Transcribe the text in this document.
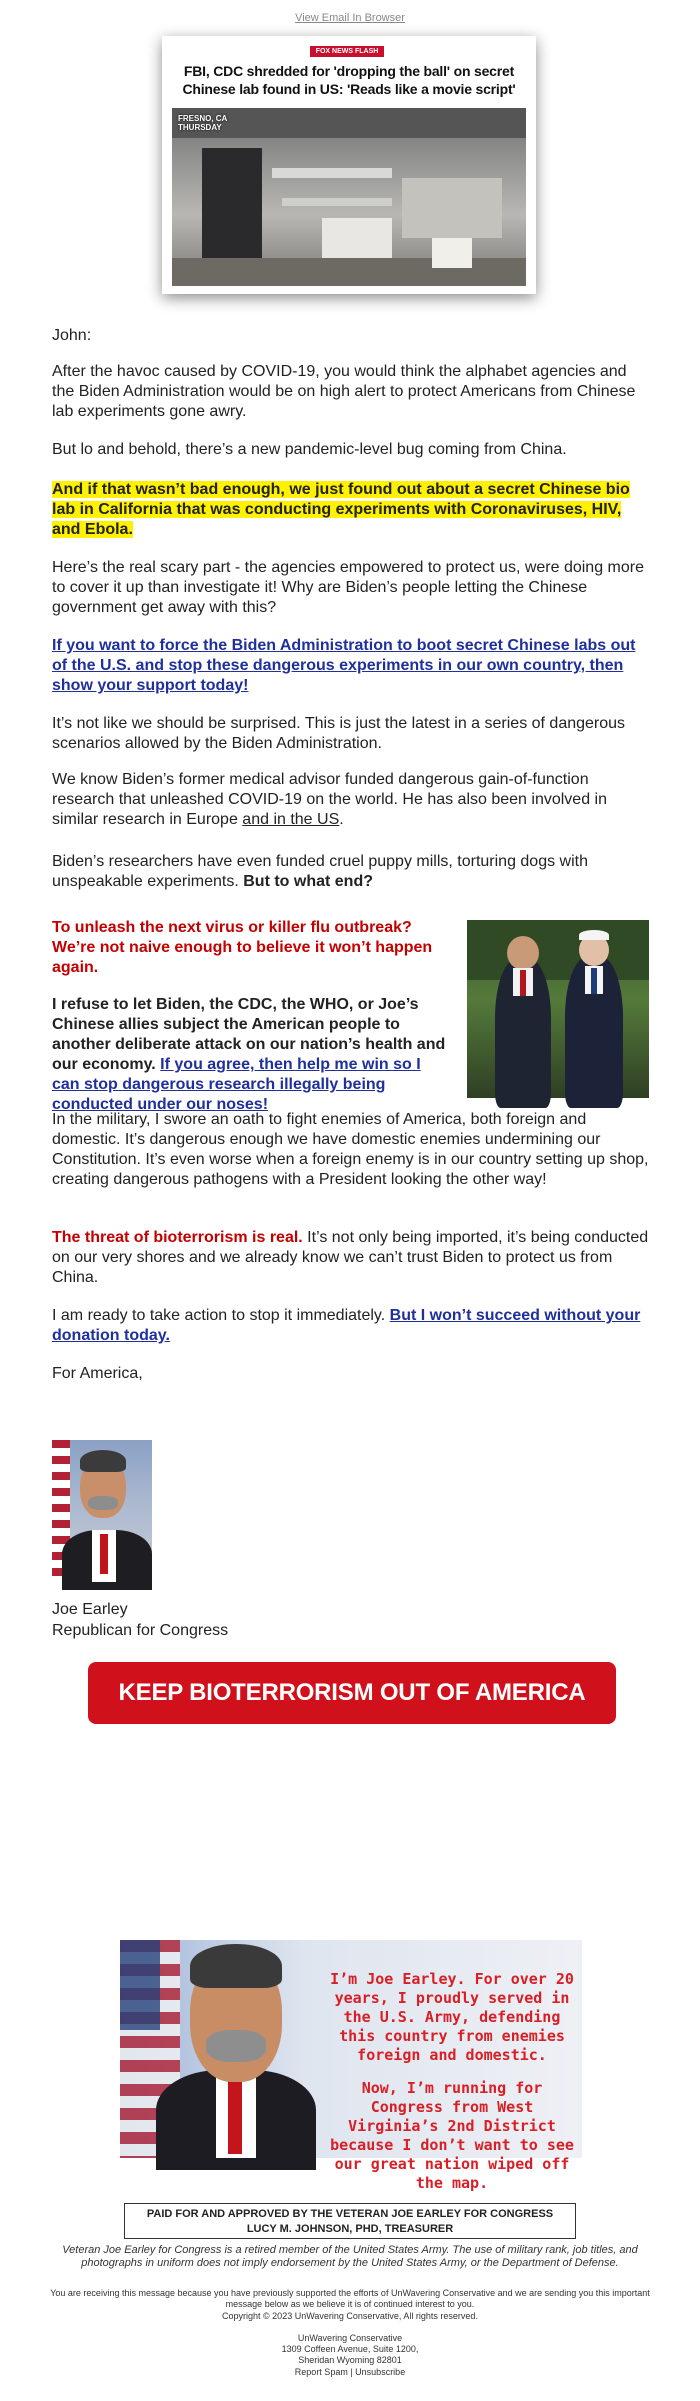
View Email In Browser
FOX NEWS FLASH
FBI, CDC shredded for 'dropping the ball' on secret
Chinese lab found in US: 'Reads like a movie script'
FRESNO, CA
THURSDAY

John:

After the havoc caused by COVID-19, you would think the alphabet agencies and the Biden Administration would be on high alert to protect Americans from Chinese lab experiments gone awry.

But lo and behold, there’s a new pandemic-level bug coming from China.

And if that wasn’t bad enough, we just found out about a secret Chinese bio lab in California that was conducting experiments with Coronaviruses, HIV, and Ebola.

Here’s the real scary part - the agencies empowered to protect us, were doing more to cover it up than investigate it! Why are Biden’s people letting the Chinese government get away with this?

If you want to force the Biden Administration to boot secret Chinese labs out of the U.S. and stop these dangerous experiments in our own country, then show your support today!

It’s not like we should be surprised. This is just the latest in a series of dangerous scenarios allowed by the Biden Administration.

We know Biden’s former medical advisor funded dangerous gain-of-function research that unleashed COVID-19 on the world. He has also been involved in similar research in Europe and in the US.

Biden’s researchers have even funded cruel puppy mills, torturing dogs with unspeakable experiments. But to what end?

To unleash the next virus or killer flu outbreak? We’re not naive enough to believe it won’t happen again.

I refuse to let Biden, the CDC, the WHO, or Joe’s Chinese allies subject the American people to another deliberate attack on our nation’s health and our economy. If you agree, then help me win so I can stop dangerous research illegally being conducted under our noses!

In the military, I swore an oath to fight enemies of America, both foreign and domestic. It’s dangerous enough we have domestic enemies undermining our Constitution. It’s even worse when a foreign enemy is in our country setting up shop, creating dangerous pathogens with a President looking the other way!

The threat of bioterrorism is real. It’s not only being imported, it’s being conducted on our very shores and we already know we can’t trust Biden to protect us from China.

I am ready to take action to stop it immediately. But I won’t succeed without your donation today.

For America,

Joe Earley

Republican for Congress

KEEP BIOTERRORISM OUT OF AMERICA
I’m Joe Earley. For over 20 years, I proudly served in the U.S. Army, defending this country from enemies foreign and domestic.
Now, I’m running for Congress from West Virginia’s 2nd District because I don’t want to see our great nation wiped off the map.
PAID FOR AND APPROVED BY THE VETERAN JOE EARLEY FOR CONGRESS
LUCY M. JOHNSON, PHD, TREASURER
Veteran Joe Earley for Congress is a retired member of the United States Army. The use of military rank, job titles, and photographs in uniform does not imply endorsement by the United States Army, or the Department of Defense.
You are receiving this message because you have previously supported the efforts of UnWavering Conservative and we are sending you this important message below as we believe it is of continued interest to you.
Copyright © 2023 UnWavering Conservative, All rights reserved.
UnWavering Conservative
1309 Coffeen Avenue, Suite 1200,
Sheridan Wyoming 82801
Report Spam | Unsubscribe
